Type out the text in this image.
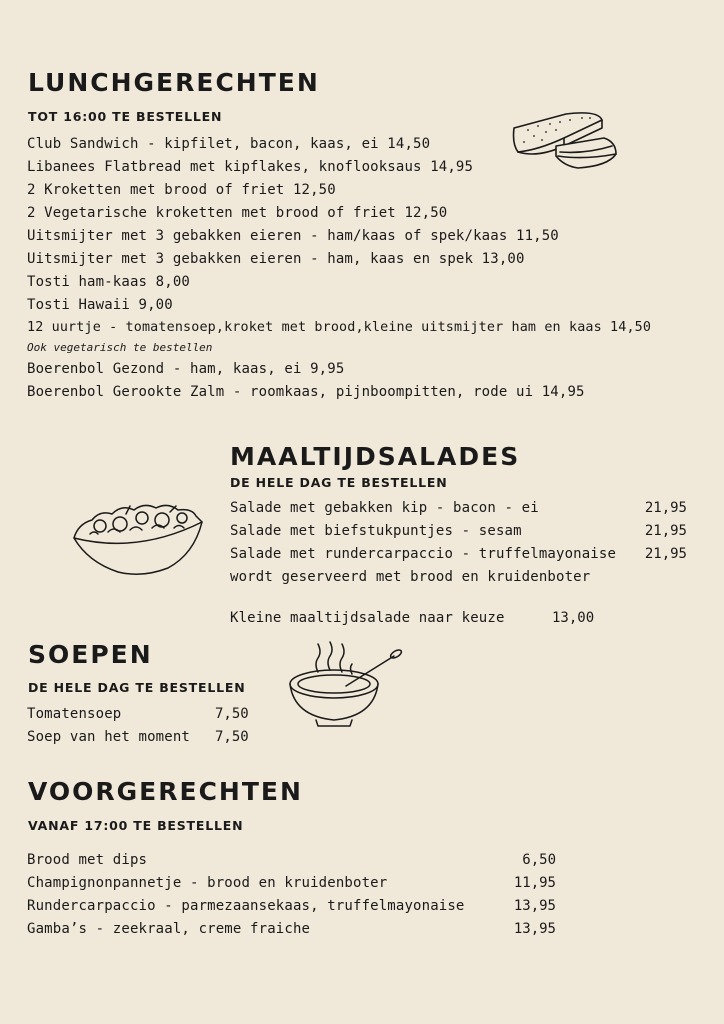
LUNCHGERECHTEN
TOT 16:00 TE BESTELLEN
Club Sandwich - kipfilet, bacon, kaas, ei 14,50
Libanees Flatbread met kipflakes, knoflooksaus 14,95
2 Kroketten met brood of friet 12,50
2 Vegetarische kroketten met brood of friet 12,50
Uitsmijter met 3 gebakken eieren - ham/kaas of spek/kaas 11,50
Uitsmijter met 3 gebakken eieren - ham, kaas en spek 13,00
Tosti ham-kaas 8,00
Tosti Hawaii 9,00
12 uurtje - tomatensoep,kroket met brood,kleine uitsmijter ham en kaas 14,50
Ook vegetarisch te bestellen
Boerenbol Gezond - ham, kaas, ei 9,95
Boerenbol Gerookte Zalm - roomkaas, pijnboompitten, rode ui 14,95
MAALTIJDSALADES
DE HELE DAG TE BESTELLEN
Salade met gebakken kip - bacon - ei	21,95
Salade met biefstukpuntjes - sesam	21,95
Salade met rundercarpaccio - truffelmayonaise 21,95
wordt geserveerd met brood en kruidenboter
Kleine maaltijdsalade naar keuze	13,00
SOEPEN
DE HELE DAG TE BESTELLEN
Tomatensoep	7,50
Soep van het moment 7,50
VOORGERECHTEN
VANAF 17:00 TE BESTELLEN
Brood met dips	6,50
Champignonpannetje - brood en kruidenboter	11,95
Rundercarpaccio - parmezaansekaas, truffelmayonaise	13,95
Gamba’s - zeekraal, creme fraiche	13,95
